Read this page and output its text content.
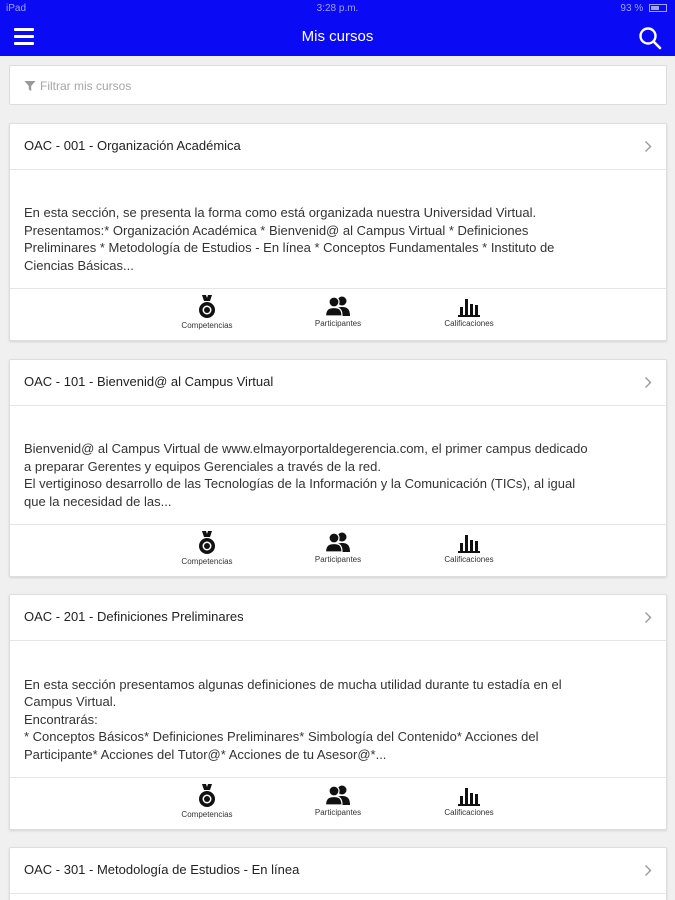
iPad	3:28 p.m.	93 %
Mis cursos
Filtrar mis cursos
OAC - 001 - Organización Académica
En esta sección, se presenta la forma como está organizada nuestra Universidad Virtual.
Presentamos:* Organización Académica * Bienvenid@ al Campus Virtual * Definiciones
Preliminares * Metodología de Estudios - En línea * Conceptos Fundamentales * Instituto de
Ciencias Básicas...
Competencias	Participantes	Calificaciones
OAC - 101 - Bienvenid@ al Campus Virtual
Bienvenid@ al Campus Virtual de www.elmayorportaldegerencia.com, el primer campus dedicado
a preparar Gerentes y equipos Gerenciales a través de la red.
El vertiginoso desarrollo de las Tecnologías de la Información y la Comunicación (TICs), al igual
que la necesidad de las...
Competencias	Participantes	Calificaciones
OAC - 201 - Definiciones Preliminares
En esta sección presentamos algunas definiciones de mucha utilidad durante tu estadía en el
Campus Virtual.
Encontrarás:
* Conceptos Básicos* Definiciones Preliminares* Simbología del Contenido* Acciones del
Participante* Acciones del Tutor@* Acciones de tu Asesor@*...
Competencias	Participantes	Calificaciones
OAC - 301 - Metodología de Estudios - En línea
